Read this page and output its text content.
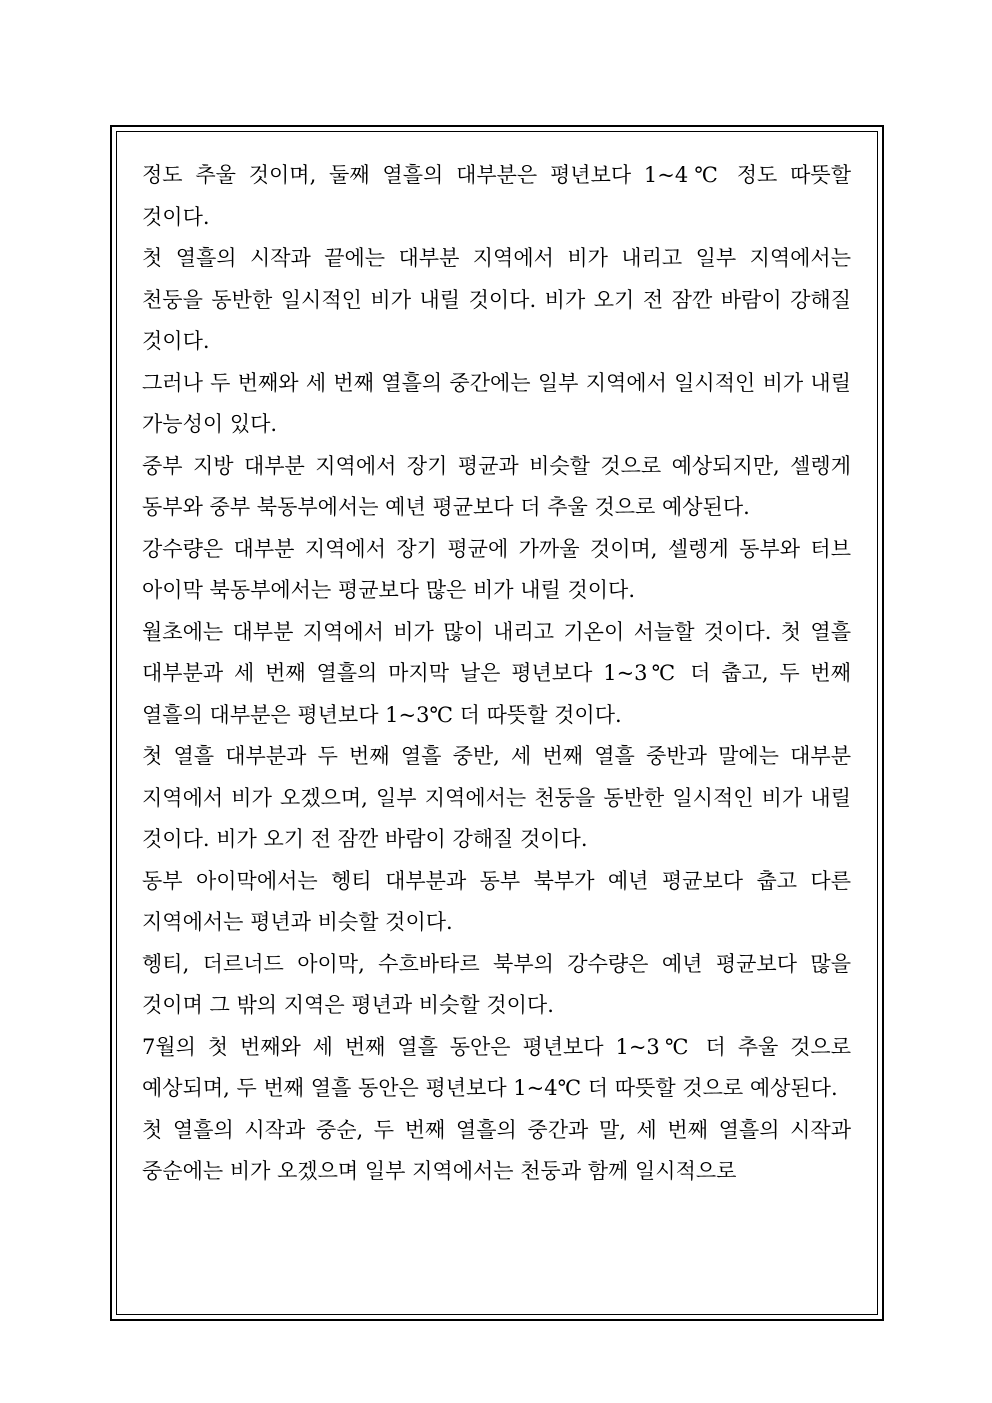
정도 추울 것이며, 둘째 열흘의 대부분은 평년보다 1~4℃ 정도 따뜻할 것이다.

첫 열흘의 시작과 끝에는 대부분 지역에서 비가 내리고 일부 지역에서는 천둥을 동반한 일시적인 비가 내릴 것이다. 비가 오기 전 잠깐 바람이 강해질 것이다.

그러나 두 번째와 세 번째 열흘의 중간에는 일부 지역에서 일시적인 비가 내릴 가능성이 있다.

중부 지방 대부분 지역에서 장기 평균과 비슷할 것으로 예상되지만, 셀렝게 동부와 중부 북동부에서는 예년 평균보다 더 추울 것으로 예상된다.

강수량은 대부분 지역에서 장기 평균에 가까울 것이며, 셀렝게 동부와 터브 아이막 북동부에서는 평균보다 많은 비가 내릴 것이다.

월초에는 대부분 지역에서 비가 많이 내리고 기온이 서늘할 것이다. 첫 열흘 대부분과 세 번째 열흘의 마지막 날은 평년보다 1~3℃ 더 춥고, 두 번째 열흘의 대부분은 평년보다 1~3℃ 더 따뜻할 것이다.

첫 열흘 대부분과 두 번째 열흘 중반, 세 번째 열흘 중반과 말에는 대부분 지역에서 비가 오겠으며, 일부 지역에서는 천둥을 동반한 일시적인 비가 내릴 것이다. 비가 오기 전 잠깐 바람이 강해질 것이다.

동부 아이막에서는 헹티 대부분과 동부 북부가 예년 평균보다 춥고 다른 지역에서는 평년과 비슷할 것이다.

헹티, 더르너드 아이막, 수흐바타르 북부의 강수량은 예년 평균보다 많을 것이며 그 밖의 지역은 평년과 비슷할 것이다.

7월의 첫 번째와 세 번째 열흘 동안은 평년보다 1~3℃ 더 추울 것으로 예상되며, 두 번째 열흘 동안은 평년보다 1~4℃ 더 따뜻할 것으로 예상된다.

첫 열흘의 시작과 중순, 두 번째 열흘의 중간과 말, 세 번째 열흘의 시작과 중순에는 비가 오겠으며 일부 지역에서는 천둥과 함께 일시적으로
